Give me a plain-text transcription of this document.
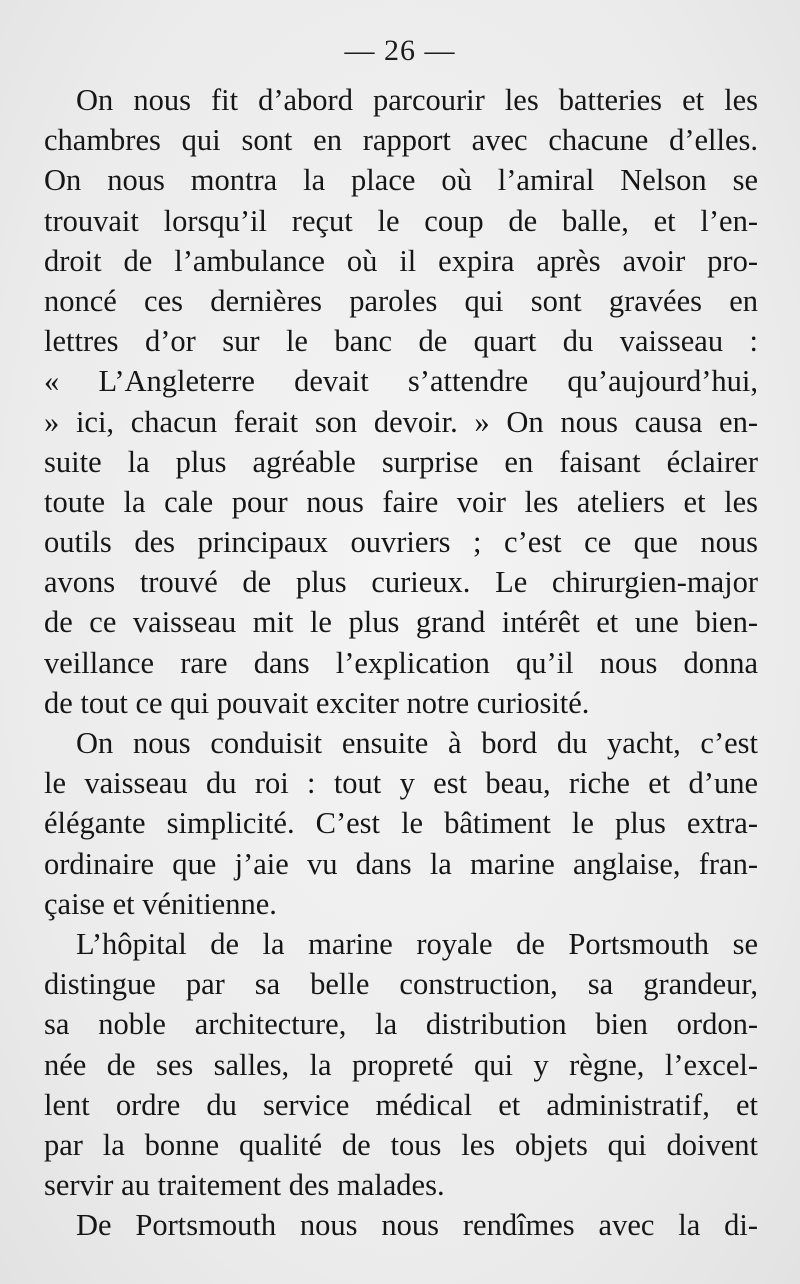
— 26 —
On nous fit d’abord parcourir les batteries et les
chambres qui sont en rapport avec chacune d’elles.
On nous montra la place où l’amiral Nelson se
trouvait lorsqu’il reçut le coup de balle, et l’en-
droit de l’ambulance où il expira après avoir pro-
noncé ces dernières paroles qui sont gravées en
lettres d’or sur le banc de quart du vaisseau :
« L’Angleterre devait s’attendre qu’aujourd’hui,
» ici, chacun ferait son devoir. » On nous causa en-
suite la plus agréable surprise en faisant éclairer
toute la cale pour nous faire voir les ateliers et les
outils des principaux ouvriers ; c’est ce que nous
avons trouvé de plus curieux. Le chirurgien-major
de ce vaisseau mit le plus grand intérêt et une bien-
veillance rare dans l’explication qu’il nous donna
de tout ce qui pouvait exciter notre curiosité.
On nous conduisit ensuite à bord du yacht, c’est
le vaisseau du roi : tout y est beau, riche et d’une
élégante simplicité. C’est le bâtiment le plus extra-
ordinaire que j’aie vu dans la marine anglaise, fran-
çaise et vénitienne.
L’hôpital de la marine royale de Portsmouth se
distingue par sa belle construction, sa grandeur,
sa noble architecture, la distribution bien ordon-
née de ses salles, la propreté qui y règne, l’excel-
lent ordre du service médical et administratif, et
par la bonne qualité de tous les objets qui doivent
servir au traitement des malades.
De Portsmouth nous nous rendîmes avec la di-
